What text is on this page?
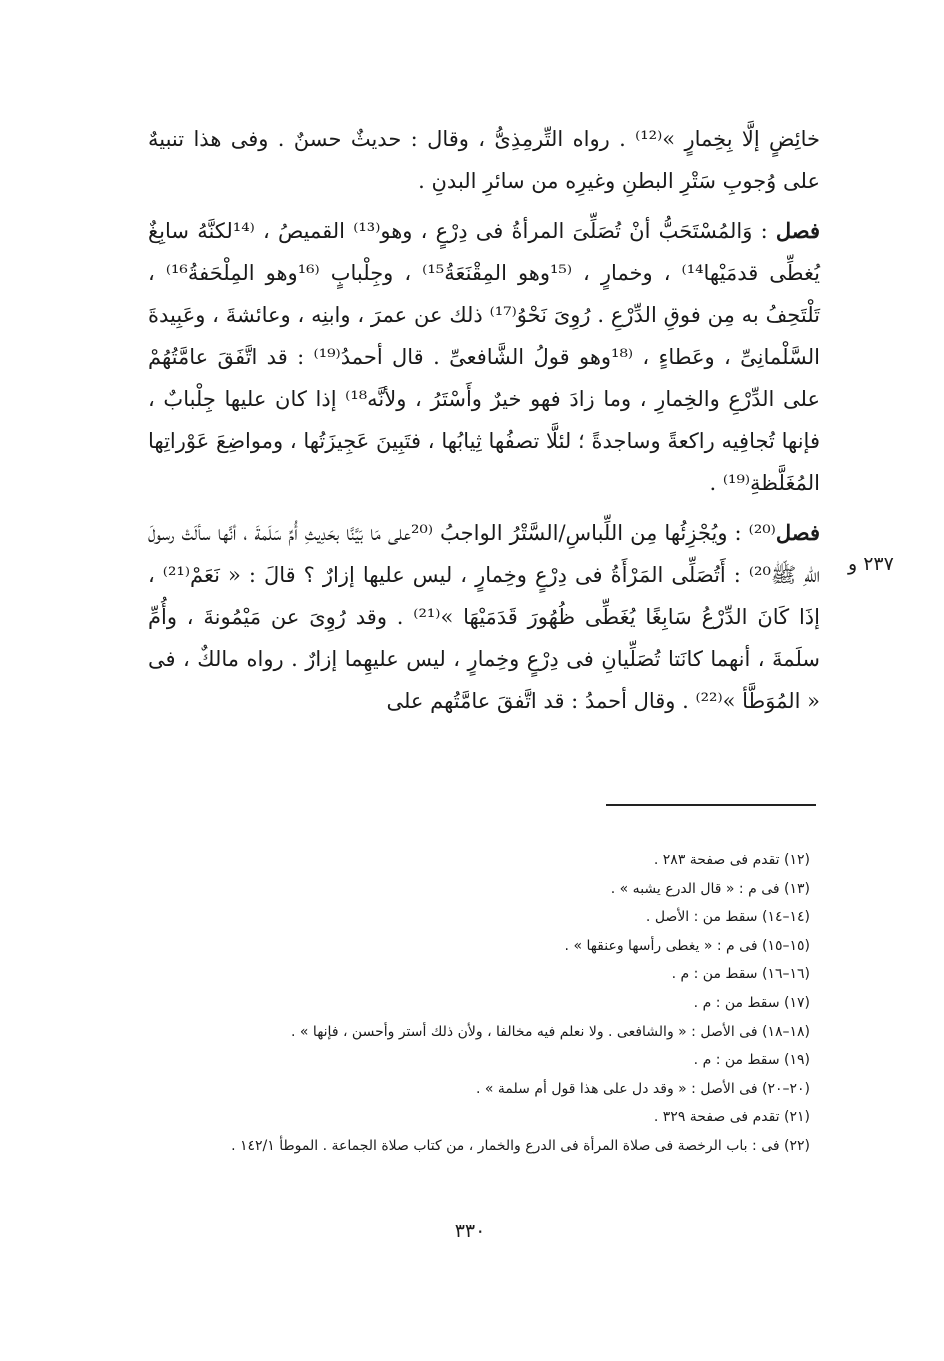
خائِضٍ إلَّا بِخِمارٍ »⁽¹²⁾ . رواه التِّرمِذِىُّ ، وقال : حديثٌ حسنٌ . وفى هذا تنبيهٌ على وُجوبِ سَتْرِ البطنِ وغيرِه من سائرِ البدنِ .

فصل : وَالمُسْتَحَبُّ أنْ تُصَلِّىَ المرأةُ فى دِرْعٍ ، وهو⁽¹³⁾ القميصُ ، ⁽¹⁴لكنَّهُ سابِغٌ يُغطِّى قدمَيْها¹⁴⁾ ، وخمارٍ ، ⁽¹⁵وهو المِقْنَعَةُ¹⁵⁾ ، وجِلْبابٍ ⁽¹⁶وهو المِلْحَفةُ¹⁶⁾ ، تَلْتَحِفُ به مِن فوقِ الدِّرْعِ . رُوِىَ نَحْوُ⁽¹⁷⁾ ذلك عن عمرَ ، وابنِه ، وعائشةَ ، وعَبِيدةَ السَّلْمانِىِّ ، وعَطاءٍ ، ⁽¹⁸وهو قولُ الشَّافعىِّ . قال أحمدُ⁽¹⁹⁾ : قد اتَّفَقَ عامَّتُهُمْ على الدِّرْعِ والخِمارِ ، وما زادَ فهو خيرٌ وأَسْتَرُ ، ولأنَّه¹⁸⁾ إذا كان عليها جِلْبابٌ ، فإنها تُجافِيه راكعةً وساجدةً ؛ لئلَّا تصفُها ثِيابُها ، فتَبِينَ عَجِيزَتُها ، ومواضِعَ عَوْراتِها المُغَلَّظةِ⁽¹⁹⁾ .

فصل⁽²⁰⁾ : ويُجْزِئُها مِن اللِّباسِ/السَّتْرُ الواجبُ ⁽²⁰على مَا بَيَّنَّا بحَدِيثِ أُمِّ سَلَمةَ ، أنَّها سألَتْ رسولَ اللهِ ﷺ²⁰⁾ : أَتُصَلِّى المَرْأَةُ فى دِرْعٍ وخِمارٍ ، ليس عليها إزارٌ ؟ قالَ : « نَعَمْ⁽²¹⁾ ، إذَا كَانَ الدِّرْعُ سَابِغًا يُغَطِّى ظُهُورَ قَدَمَيْهَا »⁽²¹⁾ . وقد رُوِىَ عن مَيْمُونةَ ، وأُمِّ سلَمةَ ، أنهما كانَتا تُصَلِّيانِ فى دِرْعٍ وخِمارٍ ، ليس عليهِما إزارٌ . رواه مالكٌ ، فى « المُوَطَّأ »⁽²²⁾ . وقال أحمدُ : قد اتَّفقَ عامَّتُهم على

٢٣٧ و
(١٢) تقدم فى صفحة ٢٨٣ .
(١٣) فى م : « قال الدرع يشبه » .
(١٤–١٤) سقط من : الأصل .
(١٥–١٥) فى م : « يغطى رأسها وعنقها » .
(١٦–١٦) سقط من : م .
(١٧) سقط من : م .
(١٨–١٨) فى الأصل : « والشافعى . ولا نعلم فيه مخالفا ، ولأن ذلك أستر وأحسن ، فإنها » .
(١٩) سقط من : م .
(٢٠–٢٠) فى الأصل : « وقد دل على هذا قول أم سلمة » .
(٢١) تقدم فى صفحة ٣٢٩ .
(٢٢) فى : باب الرخصة فى صلاة المرأة فى الدرع والخمار ، من كتاب صلاة الجماعة . الموطأ ١٤٢/١ .
٣٣٠
